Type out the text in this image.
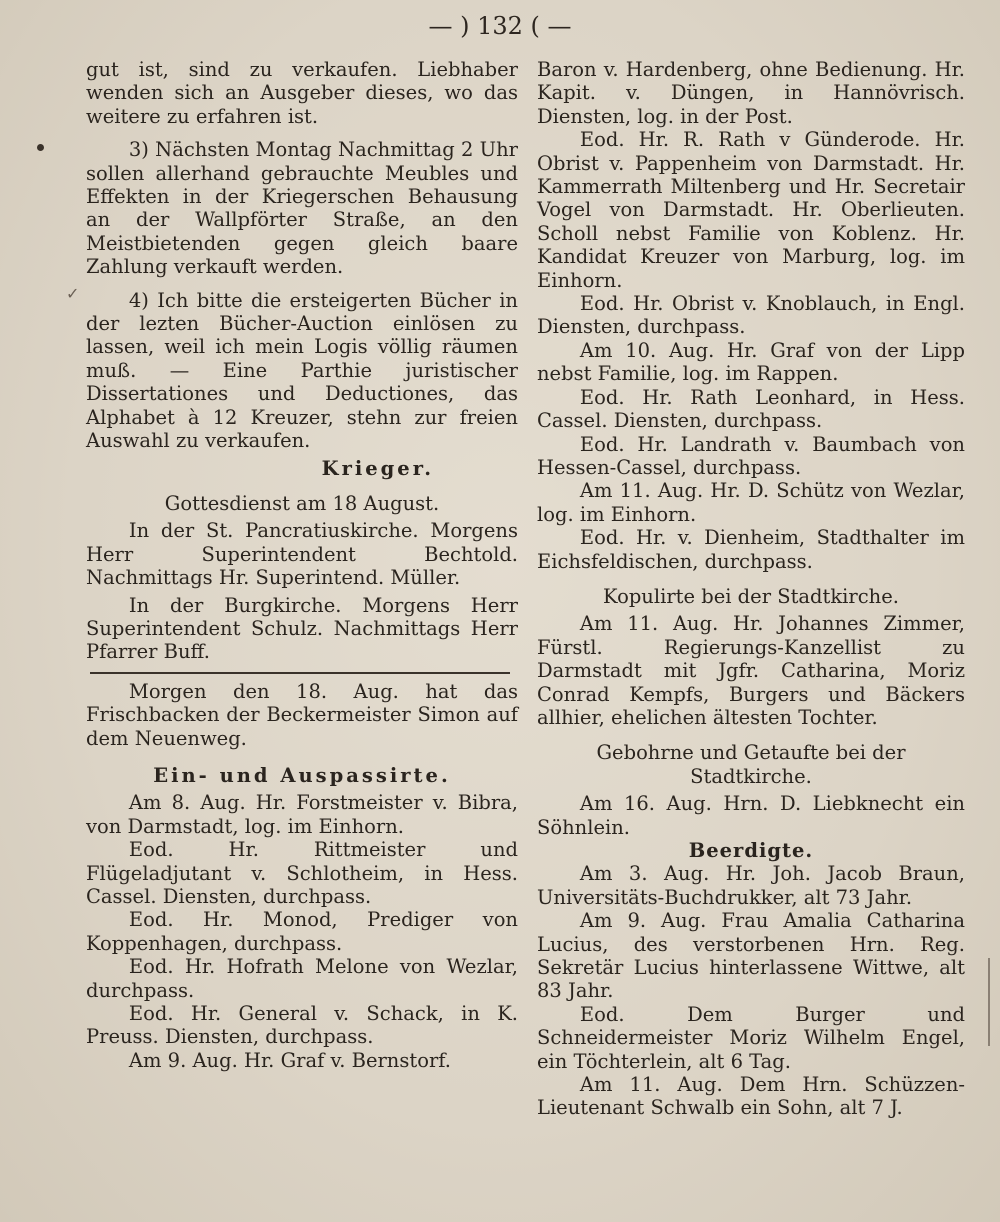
— ) 132 ( —
✓

gut ist, sind zu verkaufen. Liebhaber wenden sich an Ausgeber dieses, wo das weitere zu erfahren ist.

3) Nächsten Montag Nachmittag 2 Uhr sollen allerhand gebrauchte Meubles und Effekten in der Kriegerschen Behausung an der Wallpförter Straße, an den Meistbietenden gegen gleich baare Zahlung verkauft werden.

4) Ich bitte die ersteigerten Bücher in der lezten Bücher-Auction einlösen zu lassen, weil ich mein Logis völlig räumen muß. — Eine Parthie juristischer Dissertationes und Deductiones, das Alphabet à 12 Kreuzer, stehn zur freien Auswahl zu verkaufen.

Krieger.

Gottesdienst am 18 August.

In der St. Pancratiuskirche. Morgens Herr Superintendent Bechtold. Nachmittags Hr. Superintend. Müller.

In der Burgkirche. Morgens Herr Superintendent Schulz. Nachmittags Herr Pfarrer Buff.

Morgen den 18. Aug. hat das Frischbacken der Beckermeister Simon auf dem Neuenweg.

Ein- und Auspassirte.

Am 8. Aug. Hr. Forstmeister v. Bibra, von Darmstadt, log. im Einhorn.

Eod. Hr. Rittmeister und Flügeladjutant v. Schlotheim, in Hess. Cassel. Diensten, durchpass.

Eod. Hr. Monod, Prediger von Koppenhagen, durchpass.

Eod. Hr. Hofrath Melone von Wezlar, durchpass.

Eod. Hr. General v. Schack, in K. Preuss. Diensten, durchpass.

Am 9. Aug. Hr. Graf v. Bernstorf.

Baron v. Hardenberg, ohne Bedienung. Hr. Kapit. v. Düngen, in Hannövrisch. Diensten, log. in der Post.

Eod. Hr. R. Rath v Günderode. Hr. Obrist v. Pappenheim von Darmstadt. Hr. Kammerrath Miltenberg und Hr. Secretair Vogel von Darmstadt. Hr. Oberlieuten. Scholl nebst Familie von Koblenz. Hr. Kandidat Kreuzer von Marburg, log. im Einhorn.

Eod. Hr. Obrist v. Knoblauch, in Engl. Diensten, durchpass.

Am 10. Aug. Hr. Graf von der Lipp nebst Familie, log. im Rappen.

Eod. Hr. Rath Leonhard, in Hess. Cassel. Diensten, durchpass.

Eod. Hr. Landrath v. Baumbach von Hessen-Cassel, durchpass.

Am 11. Aug. Hr. D. Schütz von Wezlar, log. im Einhorn.

Eod. Hr. v. Dienheim, Stadthalter im Eichsfeldischen, durchpass.

Kopulirte bei der Stadtkirche.

Am 11. Aug. Hr. Johannes Zimmer, Fürstl. Regierungs-Kanzellist zu Darmstadt mit Jgfr. Catharina, Moriz Conrad Kempfs, Burgers und Bäckers allhier, ehelichen ältesten Tochter.

Gebohrne und Getaufte bei der Stadtkirche.

Am 16. Aug. Hrn. D. Liebknecht ein Söhnlein.

Beerdigte.

Am 3. Aug. Hr. Joh. Jacob Braun, Universitäts-Buchdrukker, alt 73 Jahr.

Am 9. Aug. Frau Amalia Catharina Lucius, des verstorbenen Hrn. Reg. Sekretär Lucius hinterlassene Wittwe, alt 83 Jahr.

Eod. Dem Burger und Schneidermeister Moriz Wilhelm Engel, ein Töchterlein, alt 6 Tag.

Am 11. Aug. Dem Hrn. Schüzzen-Lieutenant Schwalb ein Sohn, alt 7 J.
